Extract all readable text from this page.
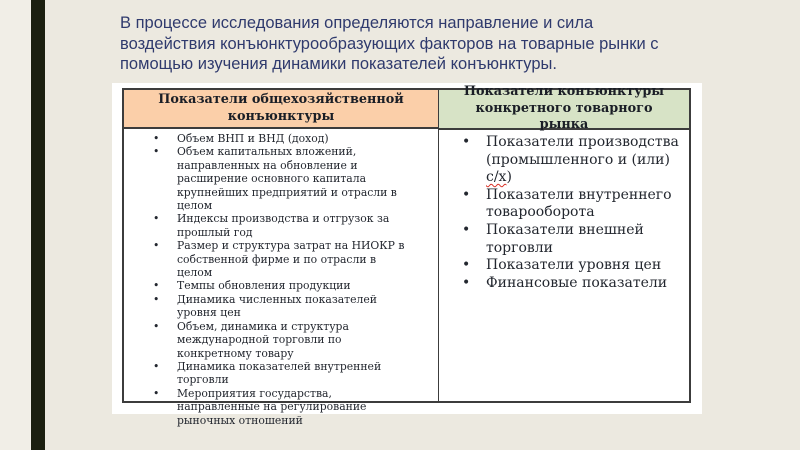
В процессе исследования определяются направление и сила воздействия конъюнктурообразующих факторов на товарные рынки с помощью изучения динамики показателей конъюнктуры.
Показатели общехозяйственной конъюнктуры
• Объем ВНП и ВНД (доход)
• Объем капитальных вложений, направленных на обновление и расширение основного капитала крупнейших предприятий и отрасли в целом
• Индексы производства и отгрузок за прошлый год
• Размер и структура затрат на НИОКР в собственной фирме и по отрасли в целом
• Темпы обновления продукции
• Динамика численных показателей уровня цен
• Объем, динамика и структура международной торговли по конкретному товару
• Динамика показателей внутренней торговли
• Мероприятия государства, направленные на регулирование рыночных отношений
Показатели конъюнктуры конкретного товарного рынка
• Показатели производства (промышленного и (или) с/х)
• Показатели внутреннего товарооборота
• Показатели внешней торговли
• Показатели уровня цен
• Финансовые показатели
